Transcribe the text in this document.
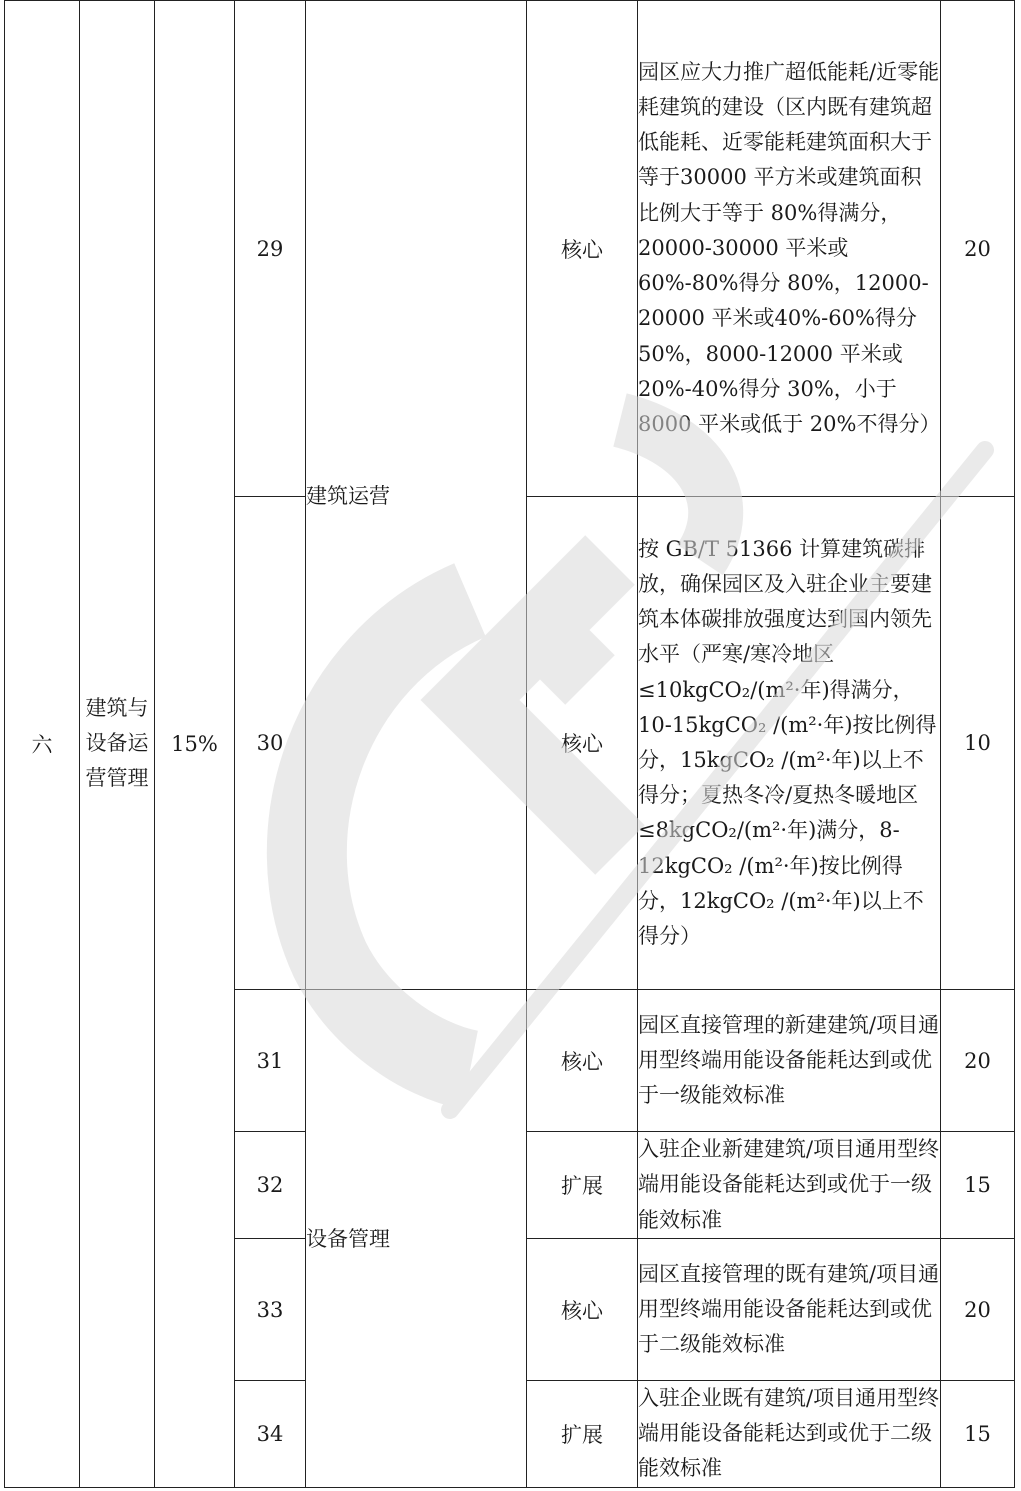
六	建筑与设备运营管理	15%	29	建筑运营	核心	园区应大力推广超低能耗/近零能耗建筑的建设（区内既有建筑超低能耗、近零能耗建筑面积大于等于30000 平方米或建筑面积比例大于等于 80%得满分，20000-30000 平米或60%-80%得分 80%，12000-20000 平米或40%-60%得分 50%，8000-12000 平米或20%-40%得分 30%，小于8000 平米或低于 20%不得分）	20
			30		核心	按 GB/T 51366 计算建筑碳排放，确保园区及入驻企业主要建筑本体碳排放强度达到国内领先水平（严寒/寒冷地区≤10kgCO₂/(m²·年)得满分，10-15kgCO₂ /(m²·年)按比例得分，15kgCO₂ /(m²·年)以上不得分；夏热冬冷/夏热冬暖地区≤8kgCO₂/(m²·年)满分，8-12kgCO₂ /(m²·年)按比例得分，12kgCO₂ /(m²·年)以上不得分）	10
			31	设备管理	核心	园区直接管理的新建建筑/项目通用型终端用能设备能耗达到或优于一级能效标准	20
			32		扩展	入驻企业新建建筑/项目通用型终端用能设备能耗达到或优于一级能效标准	15
			33		核心	园区直接管理的既有建筑/项目通用型终端用能设备能耗达到或优于二级能效标准	20
			34		扩展	入驻企业既有建筑/项目通用型终端用能设备能耗达到或优于二级能效标准	15
